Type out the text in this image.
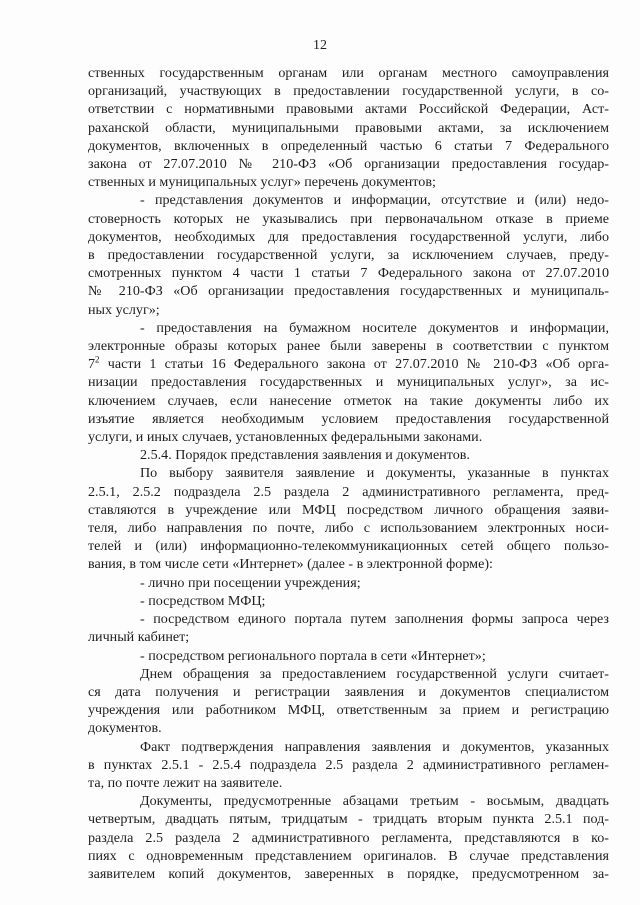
12

ственных государственным органам или органам местного самоуправления

организаций, участвующих в предоставлении государственной услуги, в со-

ответствии с нормативными правовыми актами Российской Федерации, Аст-

раханской области, муниципальными правовыми актами, за исключением

документов, включенных в определенный частью 6 статьи 7 Федерального

закона от 27.07.2010 № 210-ФЗ «Об организации предоставления государ-

ственных и муниципальных услуг» перечень документов;

- представления документов и информации, отсутствие и (или) недо-

стоверность которых не указывались при первоначальном отказе в приеме

документов, необходимых для предоставления государственной услуги, либо

в предоставлении государственной услуги, за исключением случаев, преду-

смотренных пунктом 4 части 1 статьи 7 Федерального закона от 27.07.2010

№ 210-ФЗ «Об организации предоставления государственных и муниципаль-

ных услуг»;

- предоставления на бумажном носителе документов и информации,

электронные образы которых ранее были заверены в соответствии с пунктом

$7^2$ части 1 статьи 16 Федерального закона от 27.07.2010 № 210-ФЗ «Об орга-

низации предоставления государственных и муниципальных услуг», за ис-

ключением случаев, если нанесение отметок на такие документы либо их

изъятие является необходимым условием предоставления государственной

услуги, и иных случаев, установленных федеральными законами.

2.5.4. Порядок представления заявления и документов.

По выбору заявителя заявление и документы, указанные в пунктах

2.5.1, 2.5.2 подраздела 2.5 раздела 2 административного регламента, пред-

ставляются в учреждение или МФЦ посредством личного обращения заяви-

теля, либо направления по почте, либо с использованием электронных носи-

телей и (или) информационно-телекоммуникационных сетей общего пользо-

вания, в том числе сети «Интернет» (далее - в электронной форме):

- лично при посещении учреждения;

- посредством МФЦ;

- посредством единого портала путем заполнения формы запроса через

личный кабинет;

- посредством регионального портала в сети «Интернет»;

Днем обращения за предоставлением государственной услуги считает-

ся дата получения и регистрации заявления и документов специалистом

учреждения или работником МФЦ, ответственным за прием и регистрацию

документов.

Факт подтверждения направления заявления и документов, указанных

в пунктах 2.5.1 - 2.5.4 подраздела 2.5 раздела 2 административного регламен-

та, по почте лежит на заявителе.

Документы, предусмотренные абзацами третьим - восьмым, двадцать

четвертым, двадцать пятым, тридцатым - тридцать вторым пункта 2.5.1 под-

раздела 2.5 раздела 2 административного регламента, представляются в ко-

пиях с одновременным представлением оригиналов. В случае представления

заявителем копий документов, заверенных в порядке, предусмотренном за-
